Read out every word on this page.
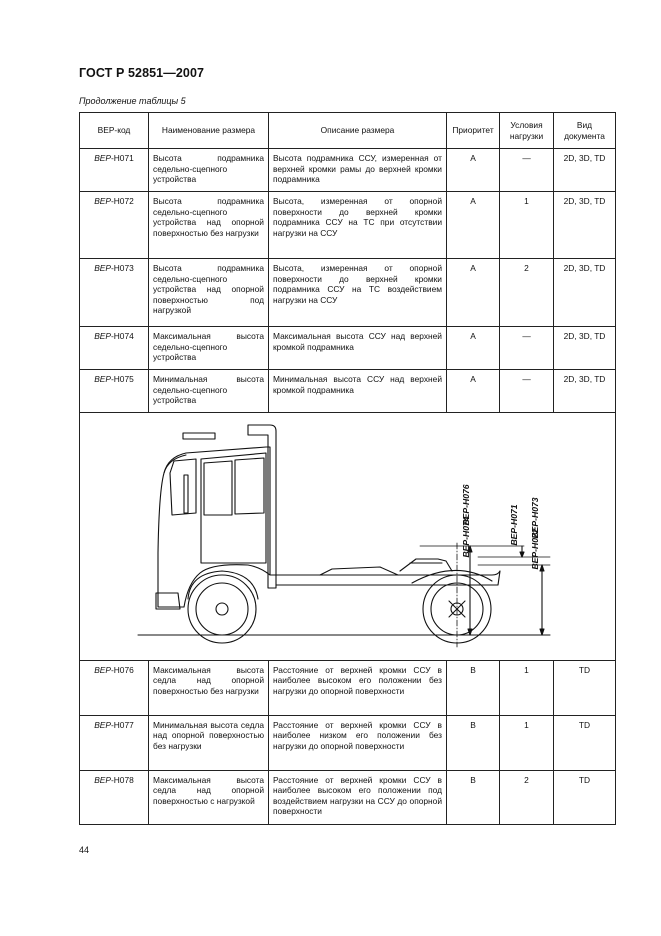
ГОСТ Р 52851—2007
Продолжение таблицы 5
BEP-код	Наименование размера	Описание размера	Приоритет	Условия нагрузки	Вид документа
BEP-H071	Высота подрамника седельно-сцепного устройства	Высота подрамника ССУ, измеренная от верхней кромки рамы до верхней кромки подрамника	A	—	2D, 3D, TD
BEP-H072	Высота подрамника седельно-сцепного устройства над опорной поверхностью без нагрузки	Высота, измеренная от опорной поверхности до верхней кромки подрамника ССУ на ТС при отсутствии нагрузки на ССУ	A	1	2D, 3D, TD
BEP-H073	Высота подрамника седельно-сцепного устройства над опорной поверхностью под нагрузкой	Высота, измеренная от опорной поверхности до верхней кромки подрамника ССУ на ТС воздействием нагрузки на ССУ	A	2	2D, 3D, TD
BEP-H074	Максимальная высота седельно-сцепного устройства	Максимальная высота ССУ над верхней кромкой подрамника	A	—	2D, 3D, TD
BEP-H075	Минимальная высота седельно-сцепного устройства	Минимальная высота ССУ над верхней кромкой подрамника	A	—	2D, 3D, TD

BEP-H076
BEP-H074 BEP-H073
BEP-H071
BEP-H072					

BEP-H076	Максимальная высота седла над опорной поверхностью без нагрузки	Расстояние от верхней кромки ССУ в наиболее высоком его положении без нагрузки до опорной поверхности	B	1	TD
BEP-H077	Минимальная высота седла над опорной поверхностью без нагрузки	Расстояние от верхней кромки ССУ в наиболее низком его положении без нагрузки до опорной поверхности	B	1	TD
BEP-H078	Максимальная высота седла над опорной поверхностью с нагрузкой	Расстояние от верхней кромки ССУ в наиболее высоком его положении под воздействием нагрузки на ССУ до опорной поверхности	B	2	TD
44
